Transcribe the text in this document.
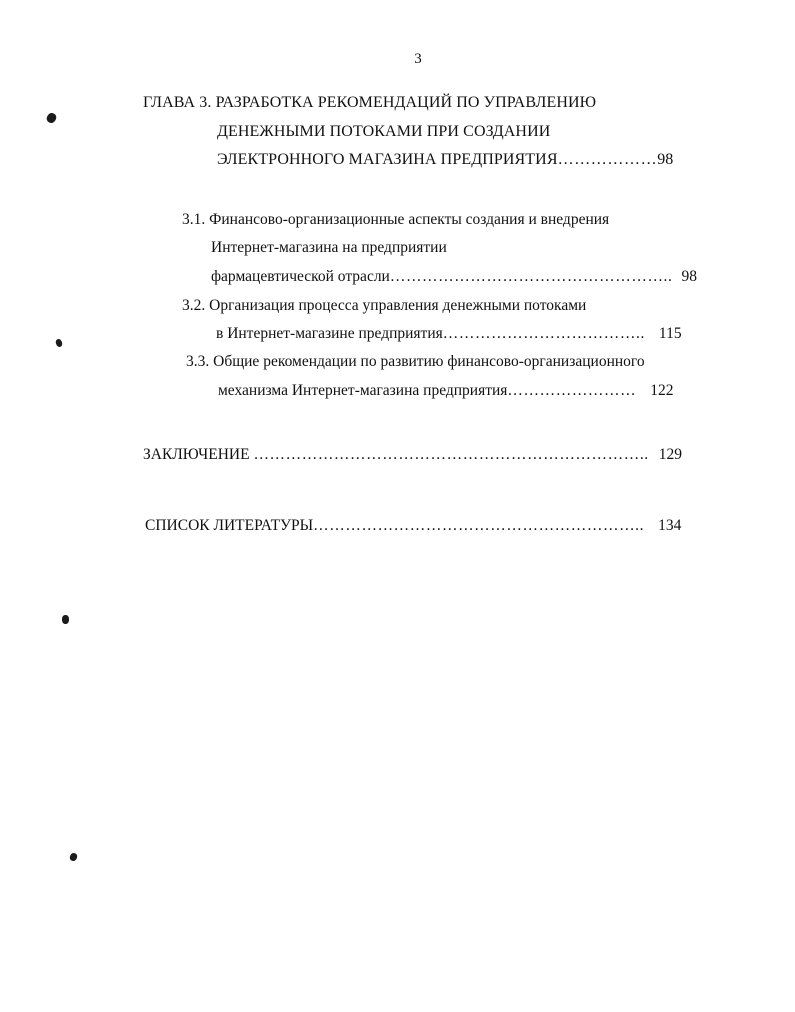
3
ГЛАВА 3. РАЗРАБОТКА РЕКОМЕНДАЦИЙ ПО УПРАВЛЕНИЮ
ДЕНЕЖНЫМИ ПОТОКАМИ ПРИ СОЗДАНИИ
ЭЛЕКТРОННОГО МАГАЗИНА ПРЕДПРИЯТИЯ………………98
3.1. Финансово-организационные аспекты создания и внедрения
Интернет-магазина на предприятии
фармацевтической отрасли…………………………………………….. 98
3.2. Организация процесса управления денежными потоками
в Интернет-магазине предприятия……………………………….. 115
3.3. Общие рекомендации по развитию финансово-организационного
механизма Интернет-магазина предприятия…………………… 122
ЗАКЛЮЧЕНИЕ ……………………………………………………………….. 129
СПИСОК ЛИТЕРАТУРЫ…………………………………………………….. 134
